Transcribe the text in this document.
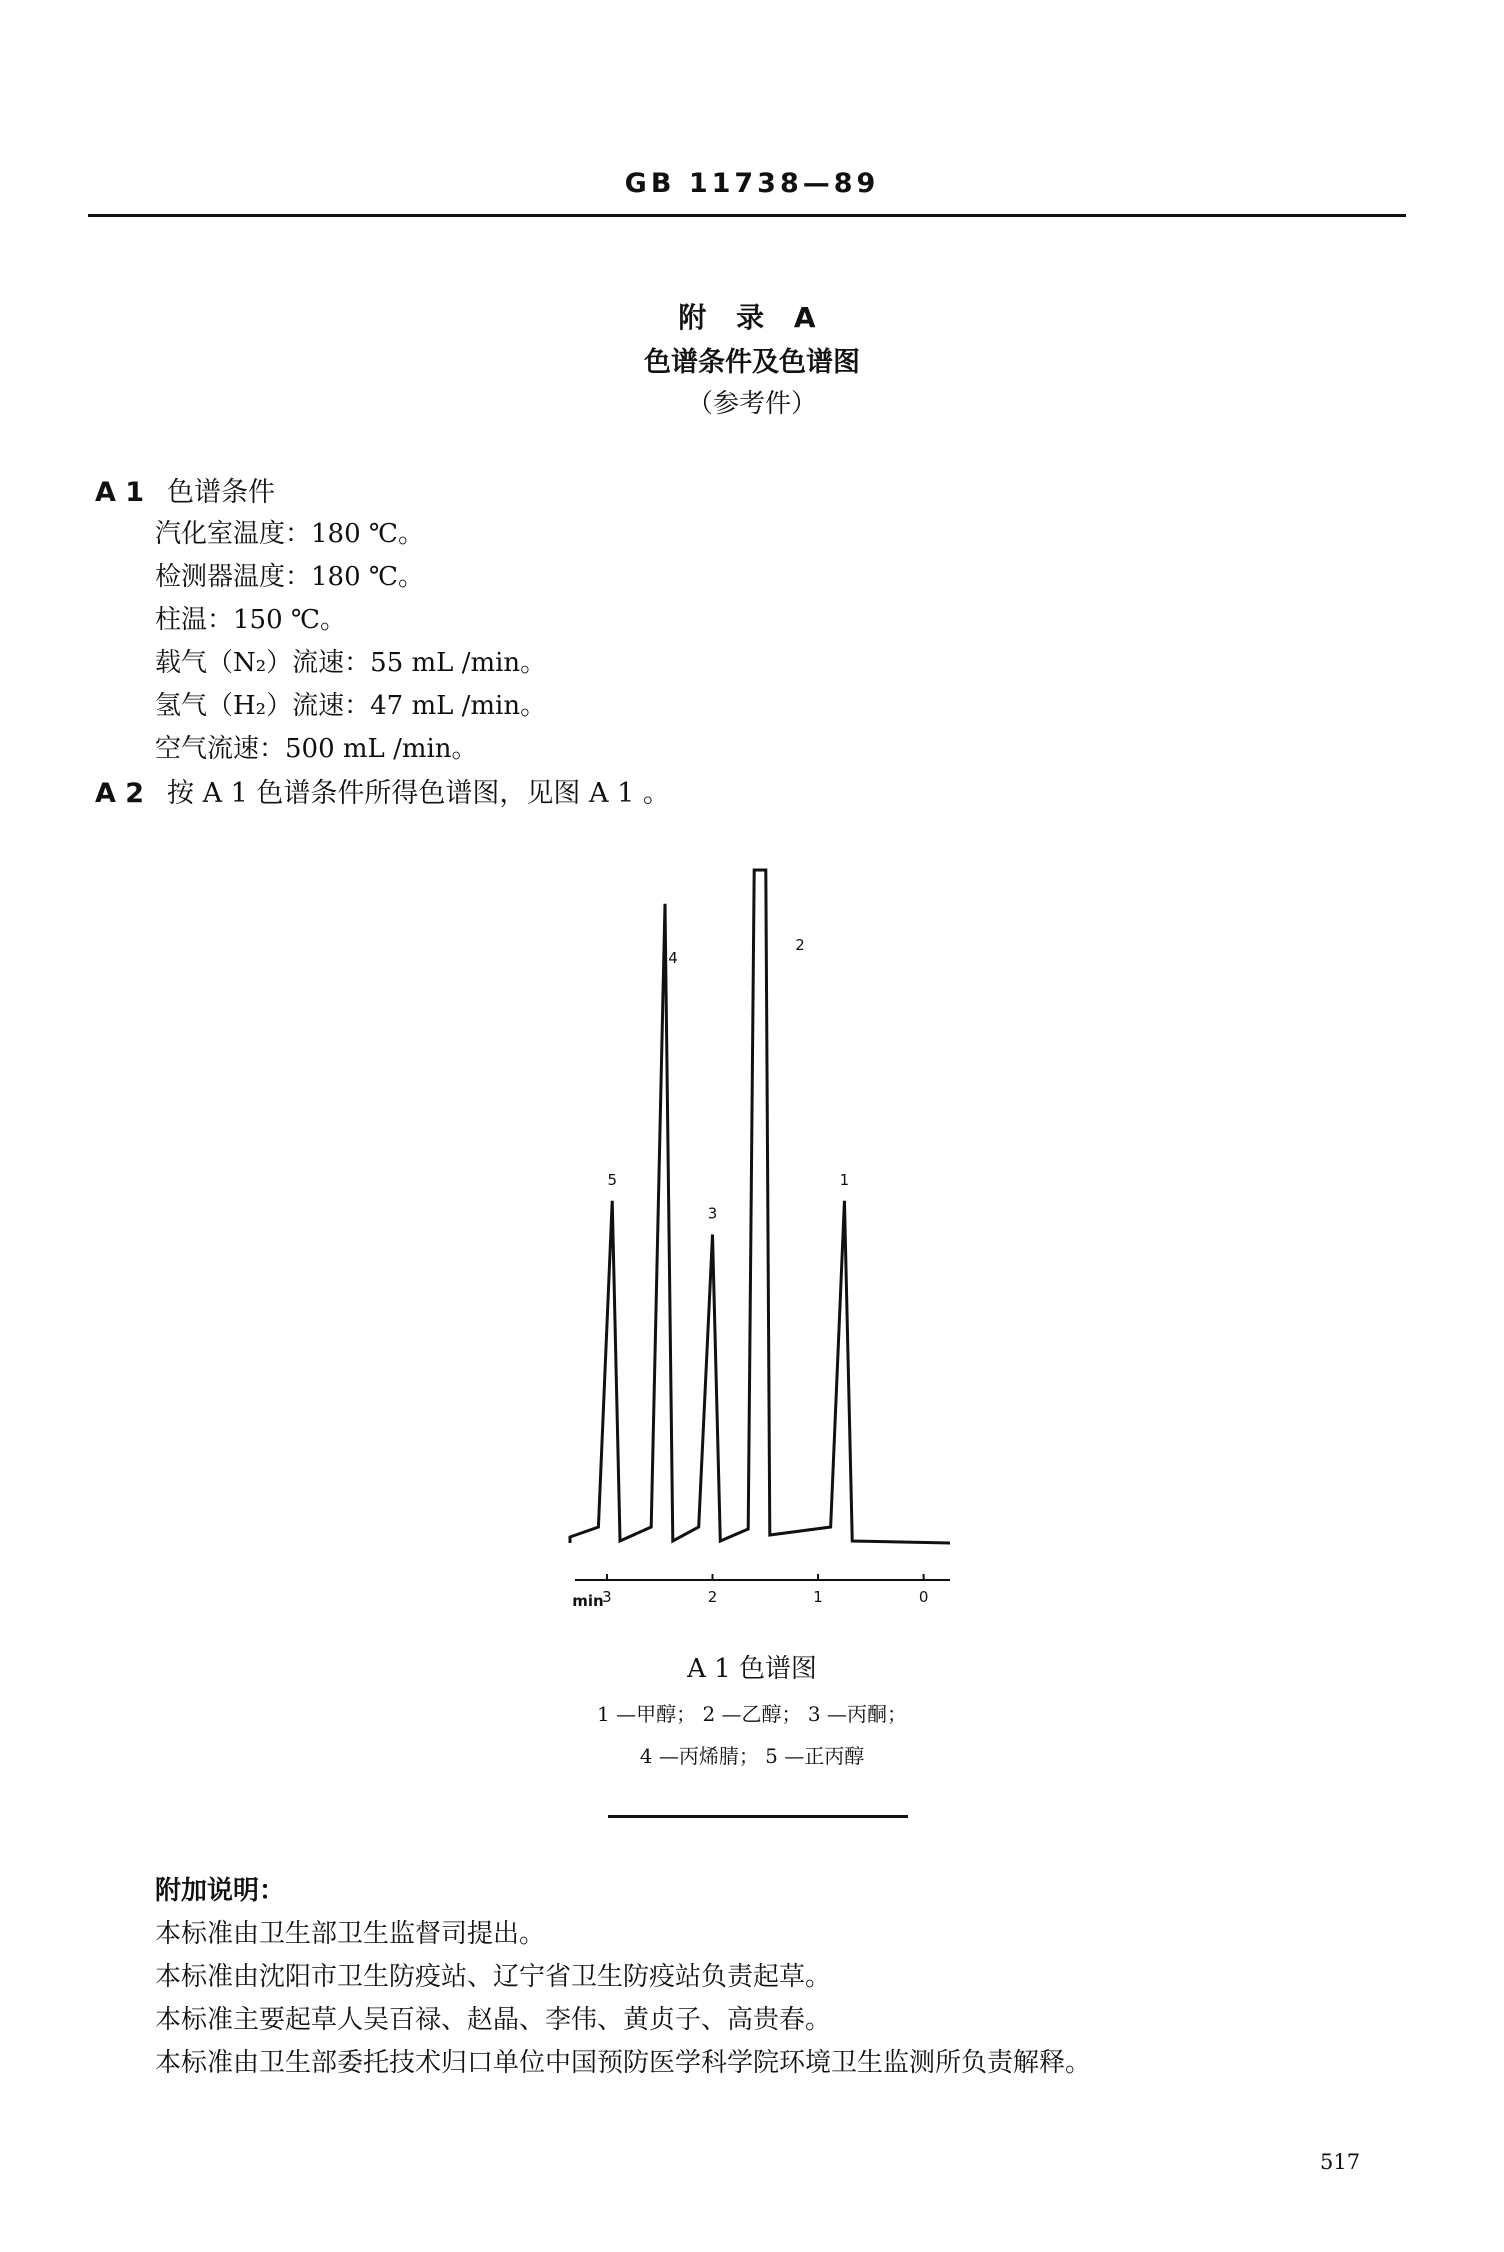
GB 11738—89
附 录 A
色谱条件及色谱图
（参考件）
A 1 色谱条件
汽化室温度：180 ℃。
检测器温度：180 ℃。
柱温：150 ℃。
载气（N₂）流速：55 mL /min。
氢气（H₂）流速：47 mL /min。
空气流速：500 mL /min。
A 2 按 A 1 色谱条件所得色谱图，见图 A 1 。
1
2
3
4
5
3	2	1	0
min
A 1 色谱图
1 —甲醇； 2 —乙醇； 3 —丙酮；
4 —丙烯腈； 5 —正丙醇
附加说明：
本标准由卫生部卫生监督司提出。
本标准由沈阳市卫生防疫站、辽宁省卫生防疫站负责起草。
本标准主要起草人吴百禄、赵晶、李伟、黄贞子、高贵春。
本标准由卫生部委托技术归口单位中国预防医学科学院环境卫生监测所负责解释。
517
